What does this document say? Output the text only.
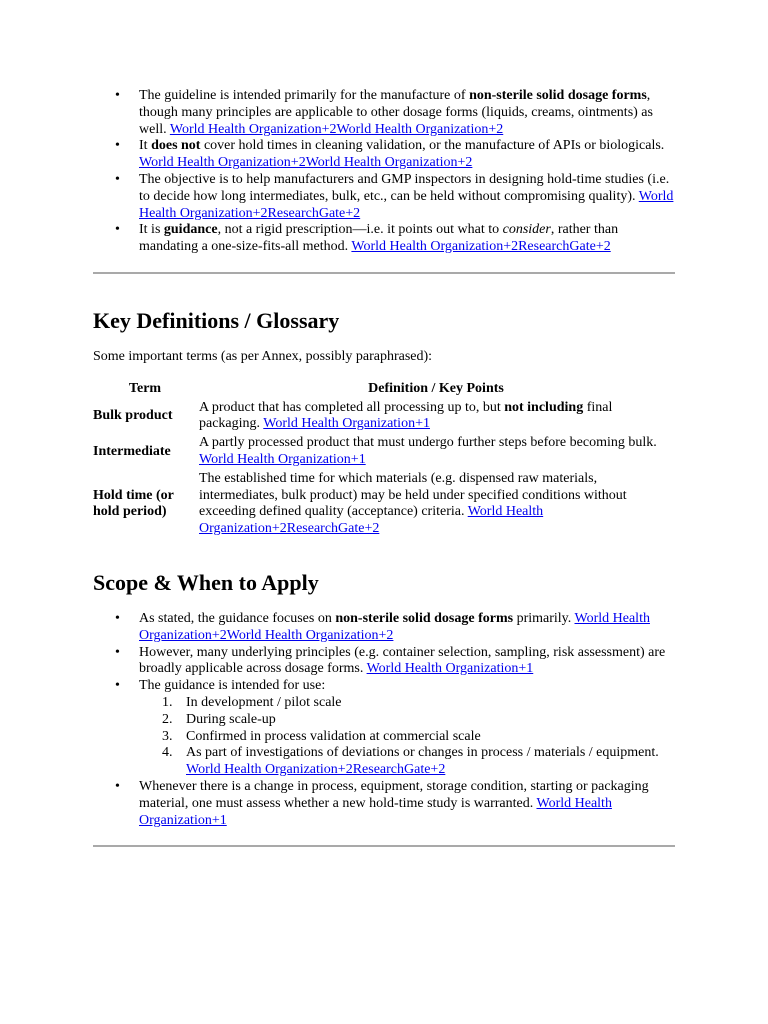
• The guideline is intended primarily for the manufacture of non-sterile solid dosage forms, though many principles are applicable to other dosage forms (liquids, creams, ointments) as well. World Health Organization+2World Health Organization+2
• It does not cover hold times in cleaning validation, or the manufacture of APIs or biologicals. World Health Organization+2World Health Organization+2
• The objective is to help manufacturers and GMP inspectors in designing hold-time studies (i.e. to decide how long intermediates, bulk, etc., can be held without compromising quality). World Health Organization+2ResearchGate+2
• It is guidance, not a rigid prescription—i.e. it points out what to consider, rather than mandating a one-size-fits-all method. World Health Organization+2ResearchGate+2
Key Definitions / Glossary

Some important terms (as per Annex, possibly paraphrased):

Term	Definition / Key Points
Bulk product	A product that has completed all processing up to, but not including final packaging. World Health Organization+1
Intermediate	A partly processed product that must undergo further steps before becoming bulk. World Health Organization+1
Hold time (or hold period)	The established time for which materials (e.g. dispensed raw materials, intermediates, bulk product) may be held under specified conditions without exceeding defined quality (acceptance) criteria. World Health Organization+2ResearchGate+2
Scope & When to Apply
• As stated, the guidance focuses on non-sterile solid dosage forms primarily. World Health Organization+2World Health Organization+2
• However, many underlying principles (e.g. container selection, sampling, risk assessment) are broadly applicable across dosage forms. World Health Organization+1
• The guidance is intended for use:
In development / pilot scale
During scale-up
Confirmed in process validation at commercial scale
As part of investigations of deviations or changes in process / materials / equipment. World Health Organization+2ResearchGate+2
• Whenever there is a change in process, equipment, storage condition, starting or packaging material, one must assess whether a new hold-time study is warranted. World Health Organization+1
